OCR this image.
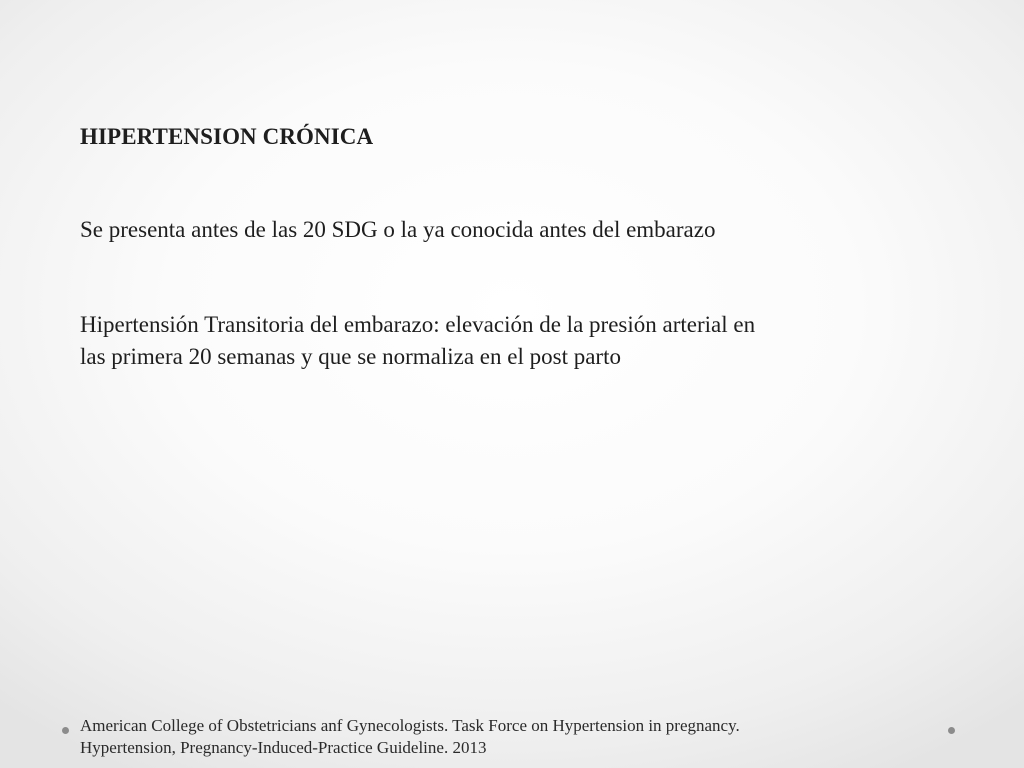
HIPERTENSION CRÓNICA
Se presenta antes de las 20 SDG o la ya conocida antes del embarazo
Hipertensión Transitoria del embarazo: elevación de la presión arterial en
las primera 20 semanas y que se normaliza en el post parto
American College of Obstetricians anf Gynecologists. Task Force on Hypertension in pregnancy.
Hypertension, Pregnancy-Induced-Practice Guideline. 2013
